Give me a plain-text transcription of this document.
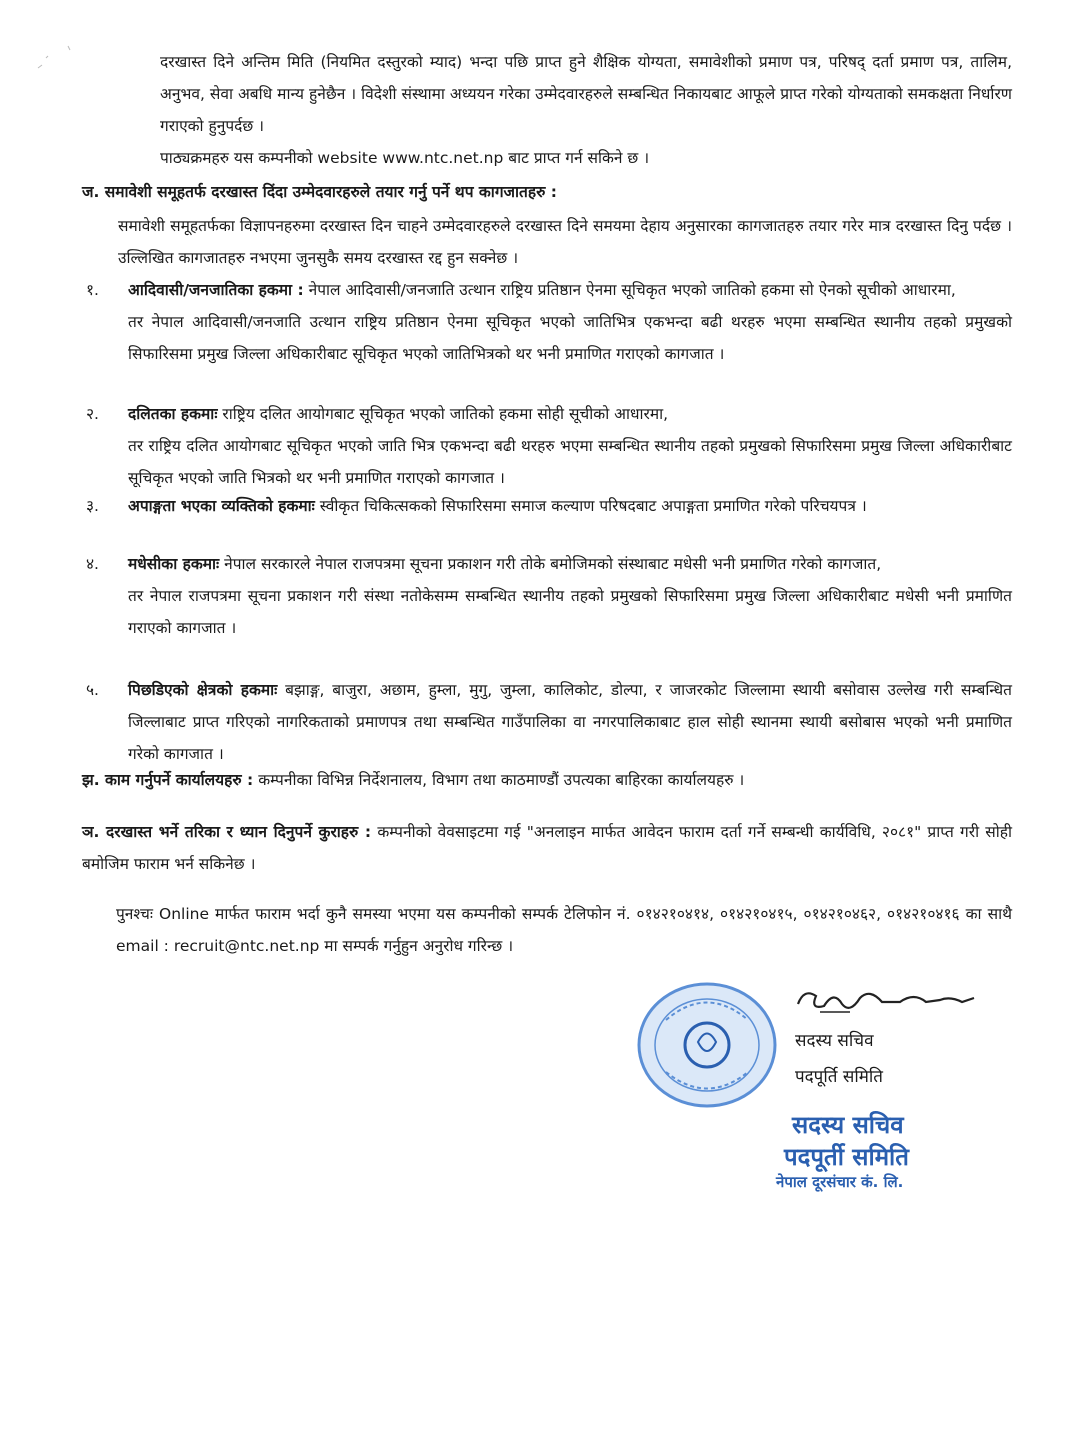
दरखास्त दिने अन्तिम मिति (नियमित दस्तुरको म्याद) भन्दा पछि प्राप्त हुने शैक्षिक योग्यता, समावेशीको प्रमाण पत्र, परिषद् दर्ता प्रमाण पत्र, तालिम, अनुभव, सेवा अबधि मान्य हुनेछैन । विदेशी संस्थामा अध्ययन गरेका उम्मेदवारहरुले सम्बन्धित निकायबाट आफूले प्राप्त गरेको योग्यताको समकक्षता निर्धारण गराएको हुनुपर्दछ ।

पाठ्यक्रमहरु यस कम्पनीको website www.ntc.net.np बाट प्राप्त गर्न सकिने छ ।

ज. समावेशी समूहतर्फ दरखास्त दिंदा उम्मेदवारहरुले तयार गर्नु पर्ने थप कागजातहरु :

समावेशी समूहतर्फका विज्ञापनहरुमा दरखास्त दिन चाहने उम्मेदवारहरुले दरखास्त दिने समयमा देहाय अनुसारका कागजातहरु तयार गरेर मात्र दरखास्त दिनु पर्दछ । उल्लिखित कागजातहरु नभएमा जुनसुकै समय दरखास्त रद्द हुन सक्नेछ ।

१.	आदिवासी/जनजातिका हकमा : नेपाल आदिवासी/जनजाति उत्थान राष्ट्रिय प्रतिष्ठान ऐनमा सूचिकृत भएको जातिको हकमा सो ऐनको सूचीको आधारमा,

तर नेपाल आदिवासी/जनजाति उत्थान राष्ट्रिय प्रतिष्ठान ऐनमा सूचिकृत भएको जातिभित्र एकभन्दा बढी थरहरु भएमा सम्बन्धित स्थानीय तहको प्रमुखको सिफारिसमा प्रमुख जिल्ला अधिकारीबाट सूचिकृत भएको जातिभित्रको थर भनी प्रमाणित गराएको कागजात ।

२.	दलितका हकमाः राष्ट्रिय दलित आयोगबाट सूचिकृत भएको जातिको हकमा सोही सूचीको आधारमा,

तर राष्ट्रिय दलित आयोगबाट सूचिकृत भएको जाति भित्र एकभन्दा बढी थरहरु भएमा सम्बन्धित स्थानीय तहको प्रमुखको सिफारिसमा प्रमुख जिल्ला अधिकारीबाट सूचिकृत भएको जाति भित्रको थर भनी प्रमाणित गराएको कागजात ।

३.	अपाङ्गता भएका व्यक्तिको हकमाः स्वीकृत चिकित्सकको सिफारिसमा समाज कल्याण परिषदबाट अपाङ्गता प्रमाणित गरेको परिचयपत्र ।

४.	मधेसीका हकमाः नेपाल सरकारले नेपाल राजपत्रमा सूचना प्रकाशन गरी तोके बमोजिमको संस्थाबाट मधेसी भनी प्रमाणित गरेको कागजात,

तर नेपाल राजपत्रमा सूचना प्रकाशन गरी संस्था नतोकेसम्म सम्बन्धित स्थानीय तहको प्रमुखको सिफारिसमा प्रमुख जिल्ला अधिकारीबाट मधेसी भनी प्रमाणित गराएको कागजात ।

५.	पिछडिएको क्षेत्रको हकमाः बझाङ्ग, बाजुरा, अछाम, हुम्ला, मुगु, जुम्ला, कालिकोट, डोल्पा, र जाजरकोट जिल्लामा स्थायी बसोवास उल्लेख गरी सम्बन्धित जिल्लाबाट प्राप्त गरिएको नागरिकताको प्रमाणपत्र तथा सम्बन्धित गाउँपालिका वा नगरपालिकाबाट हाल सोही स्थानमा स्थायी बसोबास भएको भनी प्रमाणित गरेको कागजात ।

झ. काम गर्नुपर्ने कार्यालयहरु : कम्पनीका विभिन्न निर्देशनालय, विभाग तथा काठमाण्डौं उपत्यका बाहिरका कार्यालयहरु ।

ञ. दरखास्त भर्ने तरिका र ध्यान दिनुपर्ने कुराहरु : कम्पनीको वेवसाइटमा गई "अनलाइन मार्फत आवेदन फाराम दर्ता गर्ने सम्बन्धी कार्यविधि, २०८१" प्राप्त गरी सोही बमोजिम फाराम भर्न सकिनेछ ।

पुनश्चः Online मार्फत फाराम भर्दा कुनै समस्या भएमा यस कम्पनीको सम्पर्क टेलिफोन नं. ०१४२१०४१४, ०१४२१०४१५, ०१४२१०४६२, ०१४२१०४१६ का साथै email : recruit@ntc.net.np मा सम्पर्क गर्नुहुन अनुरोध गरिन्छ ।

सदस्य सचिव
पदपूर्ति समिति
सदस्य सचिव
पदपूर्ती समिति
नेपाल दूरसंचार कं. लि.
